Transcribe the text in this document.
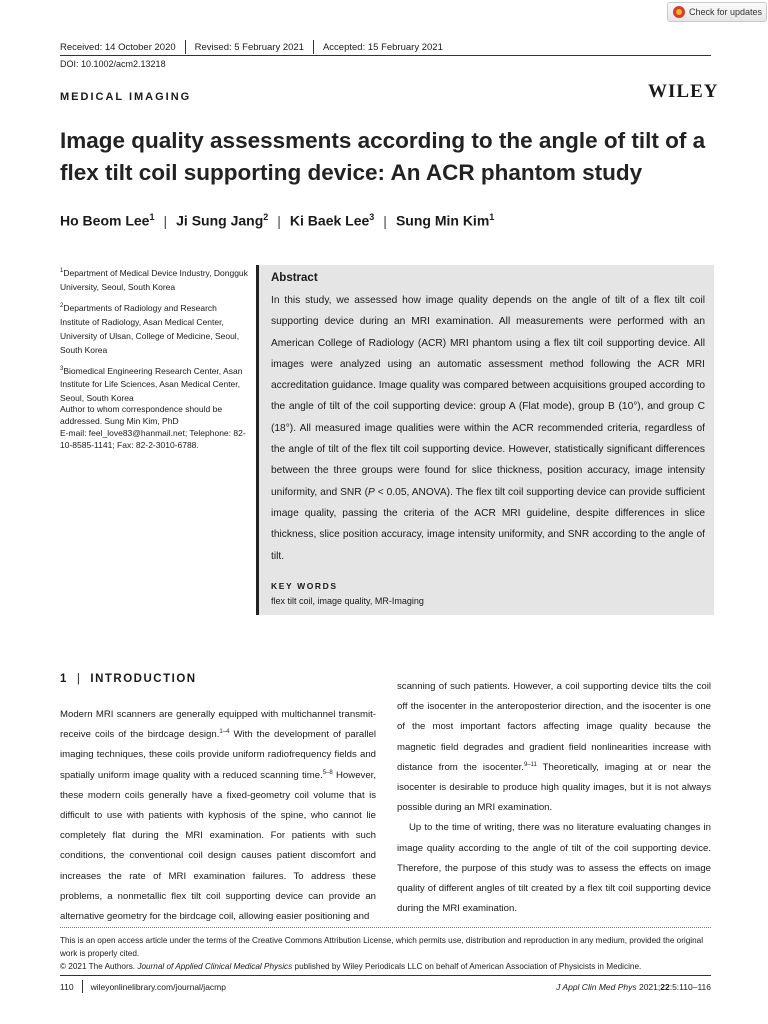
Check for updates
Received: 14 October 2020 Revised: 5 February 2021 Accepted: 15 February 2021
DOI: 10.1002/acm2.13218
MEDICAL IMAGING	WILEY
Image quality assessments according to the angle of tilt of a flex tilt coil supporting device: An ACR phantom study
Ho Beom Lee$^1$ | Ji Sung Jang$^2$ | Ki Baek Lee$^3$ | Sung Min Kim$^1$

$^1$Department of Medical Device Industry, Dongguk University, Seoul, South Korea

$^2$Departments of Radiology and Research Institute of Radiology, Asan Medical Center, University of Ulsan, College of Medicine, Seoul, South Korea

$^3$Biomedical Engineering Research Center, Asan Institute for Life Sciences, Asan Medical Center, Seoul, South Korea

Author to whom correspondence should be addressed. Sung Min Kim, PhD
E-mail: feel_love83@hanmail.net; Telephone: 82-10-8585-1141; Fax: 82-2-3010-6788.
Abstract
In this study, we assessed how image quality depends on the angle of tilt of a flex tilt coil supporting device during an MRI examination. All measurements were performed with an American College of Radiology (ACR) MRI phantom using a flex tilt coil supporting device. All images were analyzed using an automatic assessment method following the ACR MRI accreditation guidance. Image quality was compared between acquisitions grouped according to the angle of tilt of the coil supporting device: group A (Flat mode), group B (10°), and group C (18°). All measured image qualities were within the ACR recommended criteria, regardless of the angle of tilt of the flex tilt coil supporting device. However, statistically significant differences between the three groups were found for slice thickness, position accuracy, image intensity uniformity, and SNR (P < 0.05, ANOVA). The flex tilt coil supporting device can provide sufficient image quality, passing the criteria of the ACR MRI guideline, despite differences in slice thickness, slice position accuracy, image intensity uniformity, and SNR according to the angle of tilt.
KEY WORDS
flex tilt coil, image quality, MR-Imaging
1 | INTRODUCTION

Modern MRI scanners are generally equipped with multichannel transmit-receive coils of the birdcage design.$^{1-4}$ With the development of parallel imaging techniques, these coils provide uniform radiofrequency fields and spatially uniform image quality with a reduced scanning time.$^{5-8}$ However, these modern coils generally have a fixed-geometry coil volume that is difficult to use with patients with kyphosis of the spine, who cannot lie completely flat during the MRI examination. For patients with such conditions, the conventional coil design causes patient discomfort and increases the rate of MRI examination failures. To address these problems, a nonmetallic flex tilt coil supporting device can provide an alternative geometry for the birdcage coil, allowing easier positioning and

scanning of such patients. However, a coil supporting device tilts the coil off the isocenter in the anteroposterior direction, and the isocenter is one of the most important factors affecting image quality because the magnetic field degrades and gradient field nonlinearities increase with distance from the isocenter.$^{9-11}$ Theoretically, imaging at or near the isocenter is desirable to produce high quality images, but it is not always possible during an MRI examination.

Up to the time of writing, there was no literature evaluating changes in image quality according to the angle of tilt of the coil supporting device. Therefore, the purpose of this study was to assess the effects on image quality of different angles of tilt created by a flex tilt coil supporting device during the MRI examination.

This is an open access article under the terms of the Creative Commons Attribution License, which permits use, distribution and reproduction in any medium, provided the original work is properly cited.
© 2021 The Authors. Journal of Applied Clinical Medical Physics published by Wiley Periodicals LLC on behalf of American Association of Physicists in Medicine.
110 wileyonlinelibrary.com/journal/jacmp	J Appl Clin Med Phys 2021;22:5:110–116
